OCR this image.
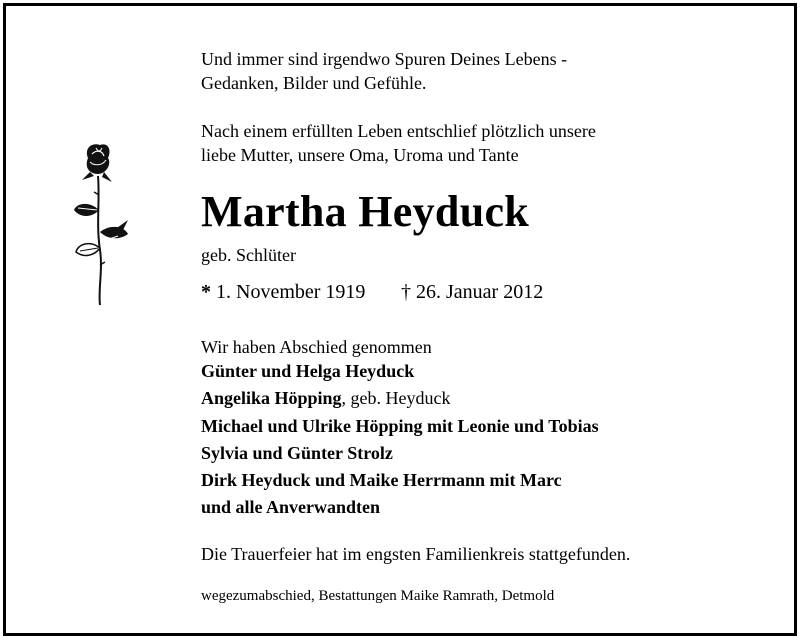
Und immer sind irgendwo Spuren Deines Lebens -
Gedanken, Bilder und Gefühle.
Nach einem erfüllten Leben entschlief plötzlich unsere
liebe Mutter, unsere Oma, Uroma und Tante
Martha Heyduck
geb. Schlüter
* 1. November 1919 † 26. Januar 2012
Wir haben Abschied genommen
Günter und Helga Heyduck
Angelika Höpping, geb. Heyduck
Michael und Ulrike Höpping mit Leonie und Tobias
Sylvia und Günter Strolz
Dirk Heyduck und Maike Herrmann mit Marc
und alle Anverwandten
Die Trauerfeier hat im engsten Familienkreis stattgefunden.
wegezumabschied, Bestattungen Maike Ramrath, Detmold
